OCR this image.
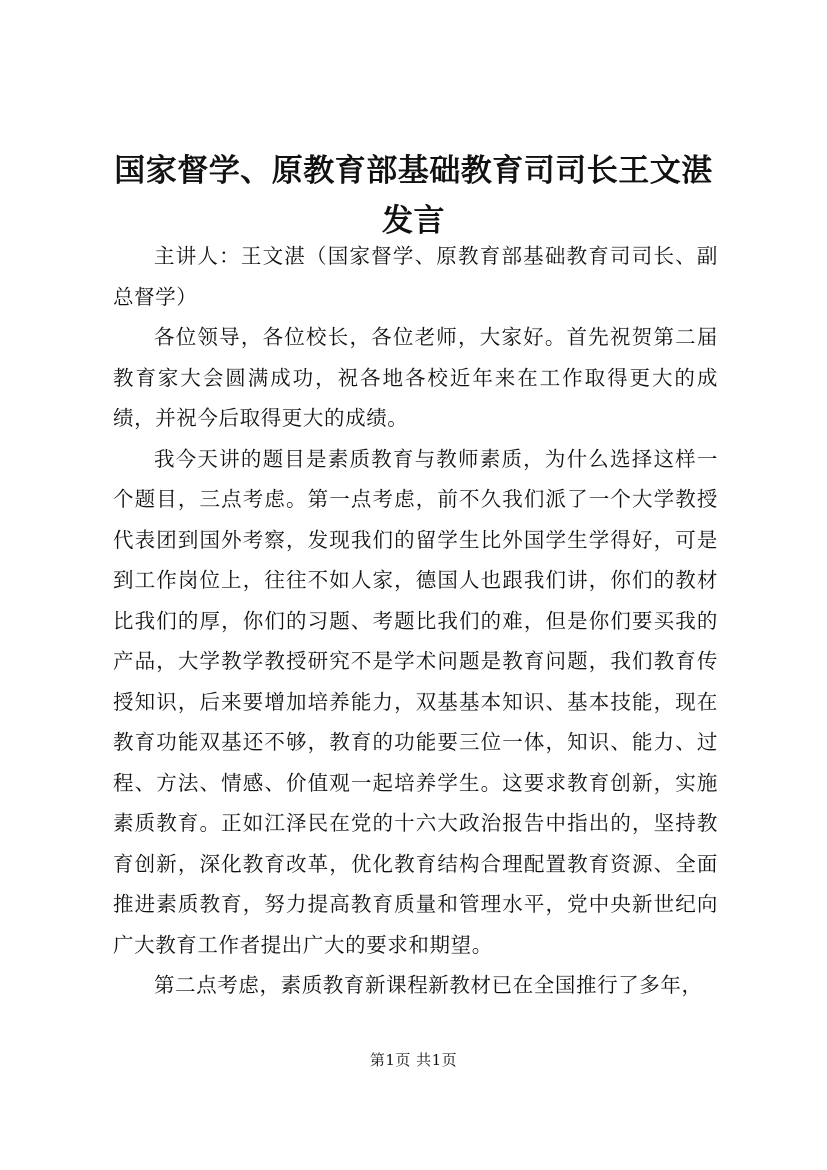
国家督学、原教育部基础教育司司长王文湛发言

主讲人：王文湛（国家督学、原教育部基础教育司司长、副总督学）

各位领导，各位校长，各位老师，大家好。首先祝贺第二届教育家大会圆满成功，祝各地各校近年来在工作取得更大的成绩，并祝今后取得更大的成绩。

我今天讲的题目是素质教育与教师素质，为什么选择这样一个题目，三点考虑。第一点考虑，前不久我们派了一个大学教授代表团到国外考察，发现我们的留学生比外国学生学得好，可是到工作岗位上，往往不如人家，德国人也跟我们讲，你们的教材比我们的厚，你们的习题、考题比我们的难，但是你们要买我的产品，大学教学教授研究不是学术问题是教育问题，我们教育传授知识，后来要增加培养能力，双基基本知识、基本技能，现在教育功能双基还不够，教育的功能要三位一体，知识、能力、过程、方法、情感、价值观一起培养学生。这要求教育创新，实施素质教育。正如江泽民在党的十六大政治报告中指出的，坚持教育创新，深化教育改革，优化教育结构合理配置教育资源、全面推进素质教育，努力提高教育质量和管理水平，党中央新世纪向广大教育工作者提出广大的要求和期望。

第二点考虑，素质教育新课程新教材已在全国推行了多年，

第1页 共1页
